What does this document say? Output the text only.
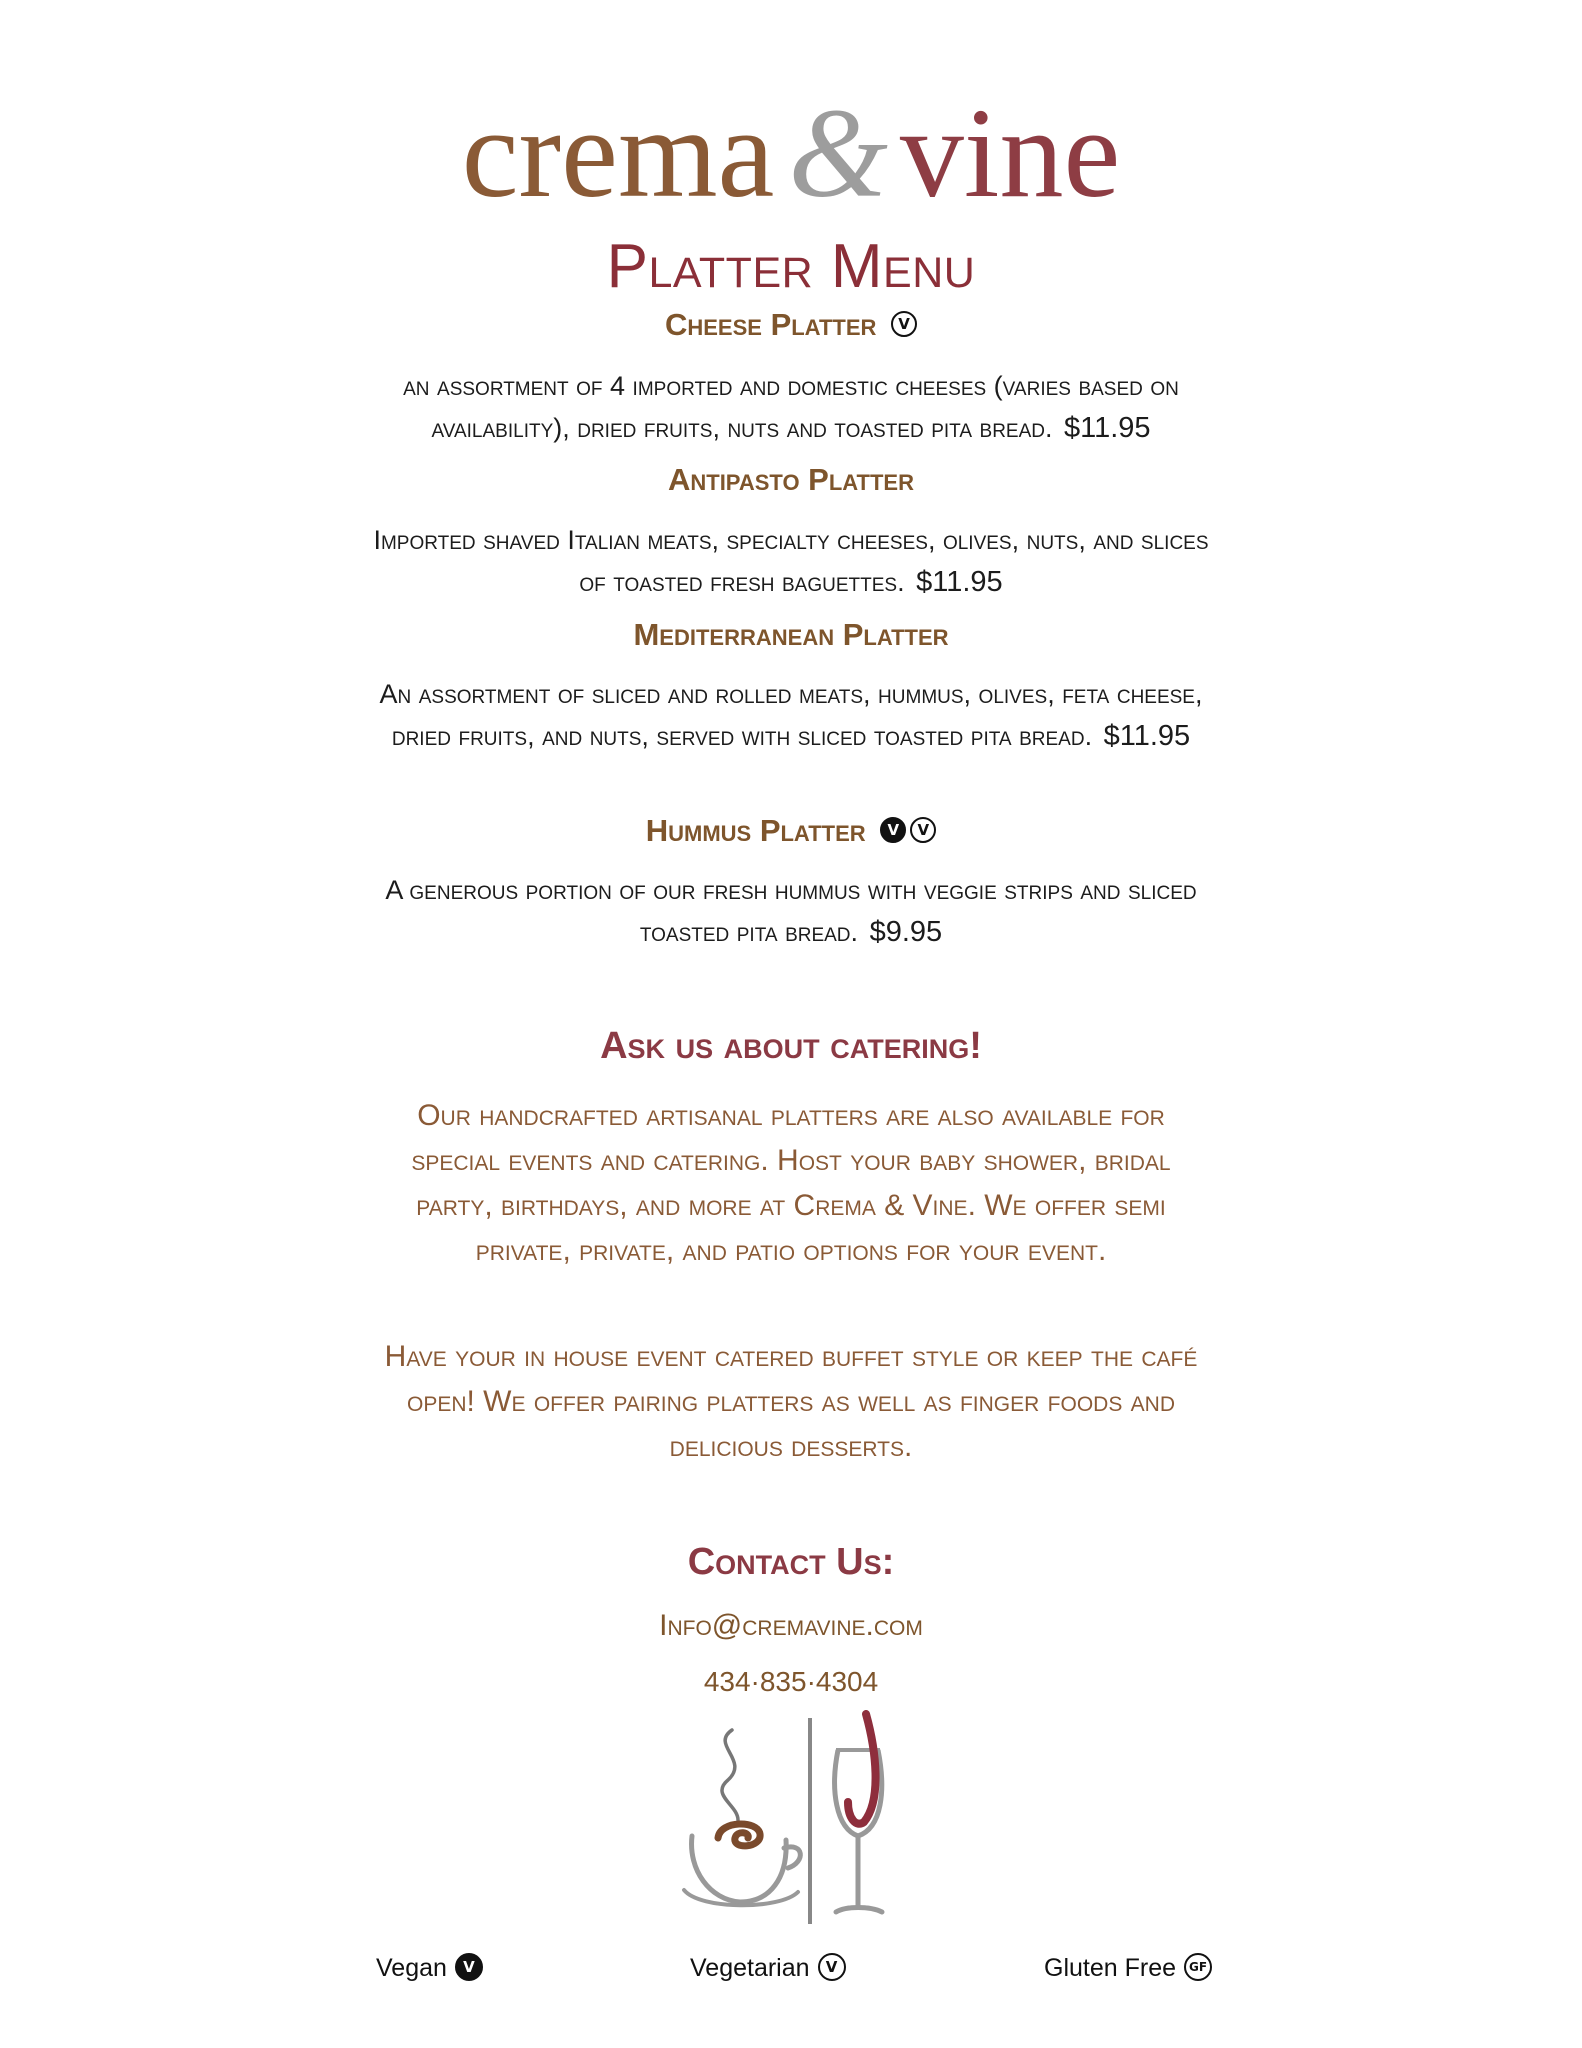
crema &vine
Platter Menu
Cheese Platter V
an assortment of 4 imported and domestic cheeses (varies based on availability), dried fruits, nuts and toasted pita bread. $11.95
Antipasto Platter
Imported shaved Italian meats, specialty cheeses, olives, nuts, and slices of toasted fresh baguettes. $11.95
Mediterranean Platter
An assortment of sliced and rolled meats, hummus, olives, feta cheese, dried fruits, and nuts, served with sliced toasted pita bread. $11.95
Hummus Platter V V
A generous portion of our fresh hummus with veggie strips and sliced toasted pita bread. $9.95
Ask us about catering!
Our handcrafted artisanal platters are also available for special events and catering. Host your baby shower, bridal party, birthdays, and more at Crema & Vine. We offer semi private, private, and patio options for your event.
Have your in house event catered buffet style or keep the café open! We offer pairing platters as well as finger foods and delicious desserts.
Contact Us:
Info@cremavine.com
434·835·4304
Vegan V	Vegetarian V	Gluten Free GF
